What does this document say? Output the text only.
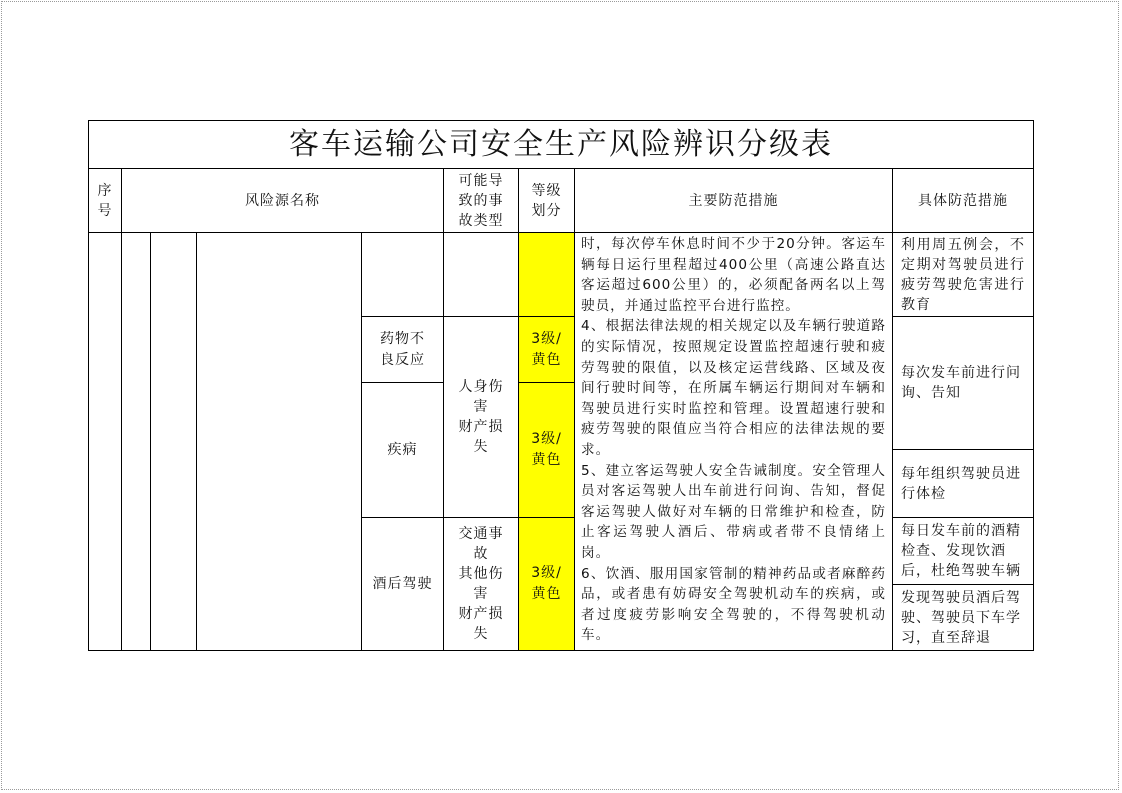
客车运输公司安全生产风险辨识分级表
序号
风险源名称
可能导致的事故类型
等级划分
主要防范措施	具体防范措施
药物不良反应
疾病
酒后驾驶
人身伤害
财产损失
交通事故
其他伤害
财产损失
3级/黄色
3级/黄色
3级/黄色
时，每次停车休息时间不少于20分钟。客运车辆每日运行里程超过400公里（高速公路直达客运超过600公里）的，必须配备两名以上驾驶员，并通过监控平台进行监控。
4、根据法律法规的相关规定以及车辆行驶道路的实际情况，按照规定设置监控超速行驶和疲劳驾驶的限值，以及核定运营线路、区域及夜间行驶时间等，在所属车辆运行期间对车辆和驾驶员进行实时监控和管理。设置超速行驶和疲劳驾驶的限值应当符合相应的法律法规的要求。
5、建立客运驾驶人安全告诫制度。安全管理人员对客运驾驶人出车前进行问询、告知，督促客运驾驶人做好对车辆的日常维护和检查，防止客运驾驶人酒后、带病或者带不良情绪上岗。
6、饮酒、服用国家管制的精神药品或者麻醉药品，或者患有妨碍安全驾驶机动车的疾病，或者过度疲劳影响安全驾驶的，不得驾驶机动车。
利用周五例会，不定期对驾驶员进行疲劳驾驶危害进行教育
每次发车前进行问询、告知
每年组织驾驶员进行体检
每日发车前的酒精检查、发现饮酒后，杜绝驾驶车辆
发现驾驶员酒后驾驶、驾驶员下车学习，直至辞退
